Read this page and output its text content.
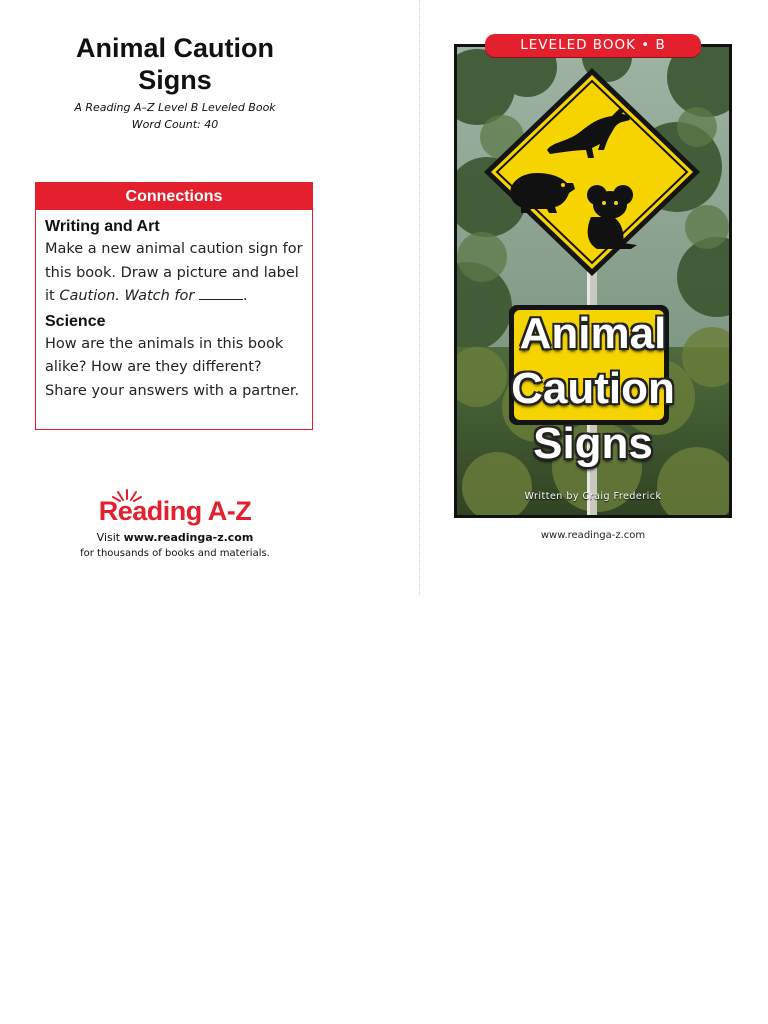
Animal Caution Signs
A Reading A–Z Level B Leveled Book
Word Count: 40
Connections
Writing and Art
Make a new animal caution sign for this book. Draw a picture and label it Caution. Watch for	.
Science
How are the animals in this book alike? How are they different? Share your answers with a partner.
Reading A-Z
Visit www.readinga-z.com
for thousands of books and materials.
LEVELED BOOK • B
Animal
Caution
Signs
Written by Craig Frederick
www.readinga-z.com
